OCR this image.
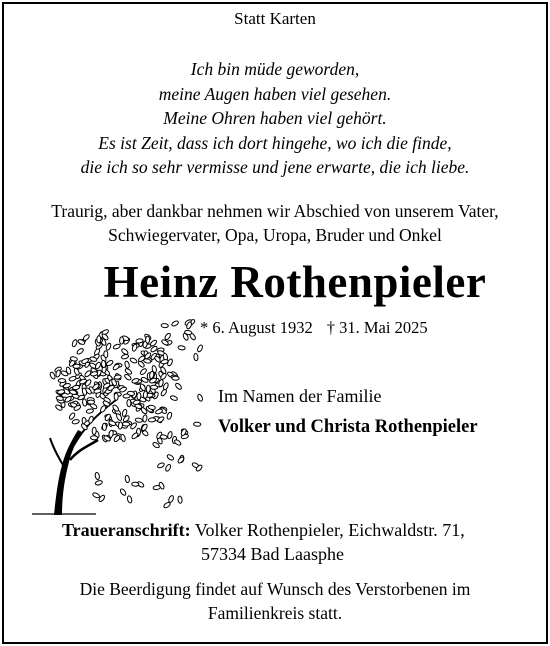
Statt Karten
Ich bin müde geworden,
meine Augen haben viel gesehen.
Meine Ohren haben viel gehört.
Es ist Zeit, dass ich dort hingehe, wo ich die finde,
die ich so sehr vermisse und jene erwarte, die ich liebe.
Traurig, aber dankbar nehmen wir Abschied von unserem Vater,
Schwiegervater, Opa, Uropa, Bruder und Onkel
Heinz Rothenpieler
* 6. August 1932 † 31. Mai 2025
Im Namen der Familie
Volker und Christa Rothenpieler
Traueranschrift: Volker Rothenpieler, Eichwaldstr. 71,
57334 Bad Laasphe
Die Beerdigung findet auf Wunsch des Verstorbenen im
Familienkreis statt.
